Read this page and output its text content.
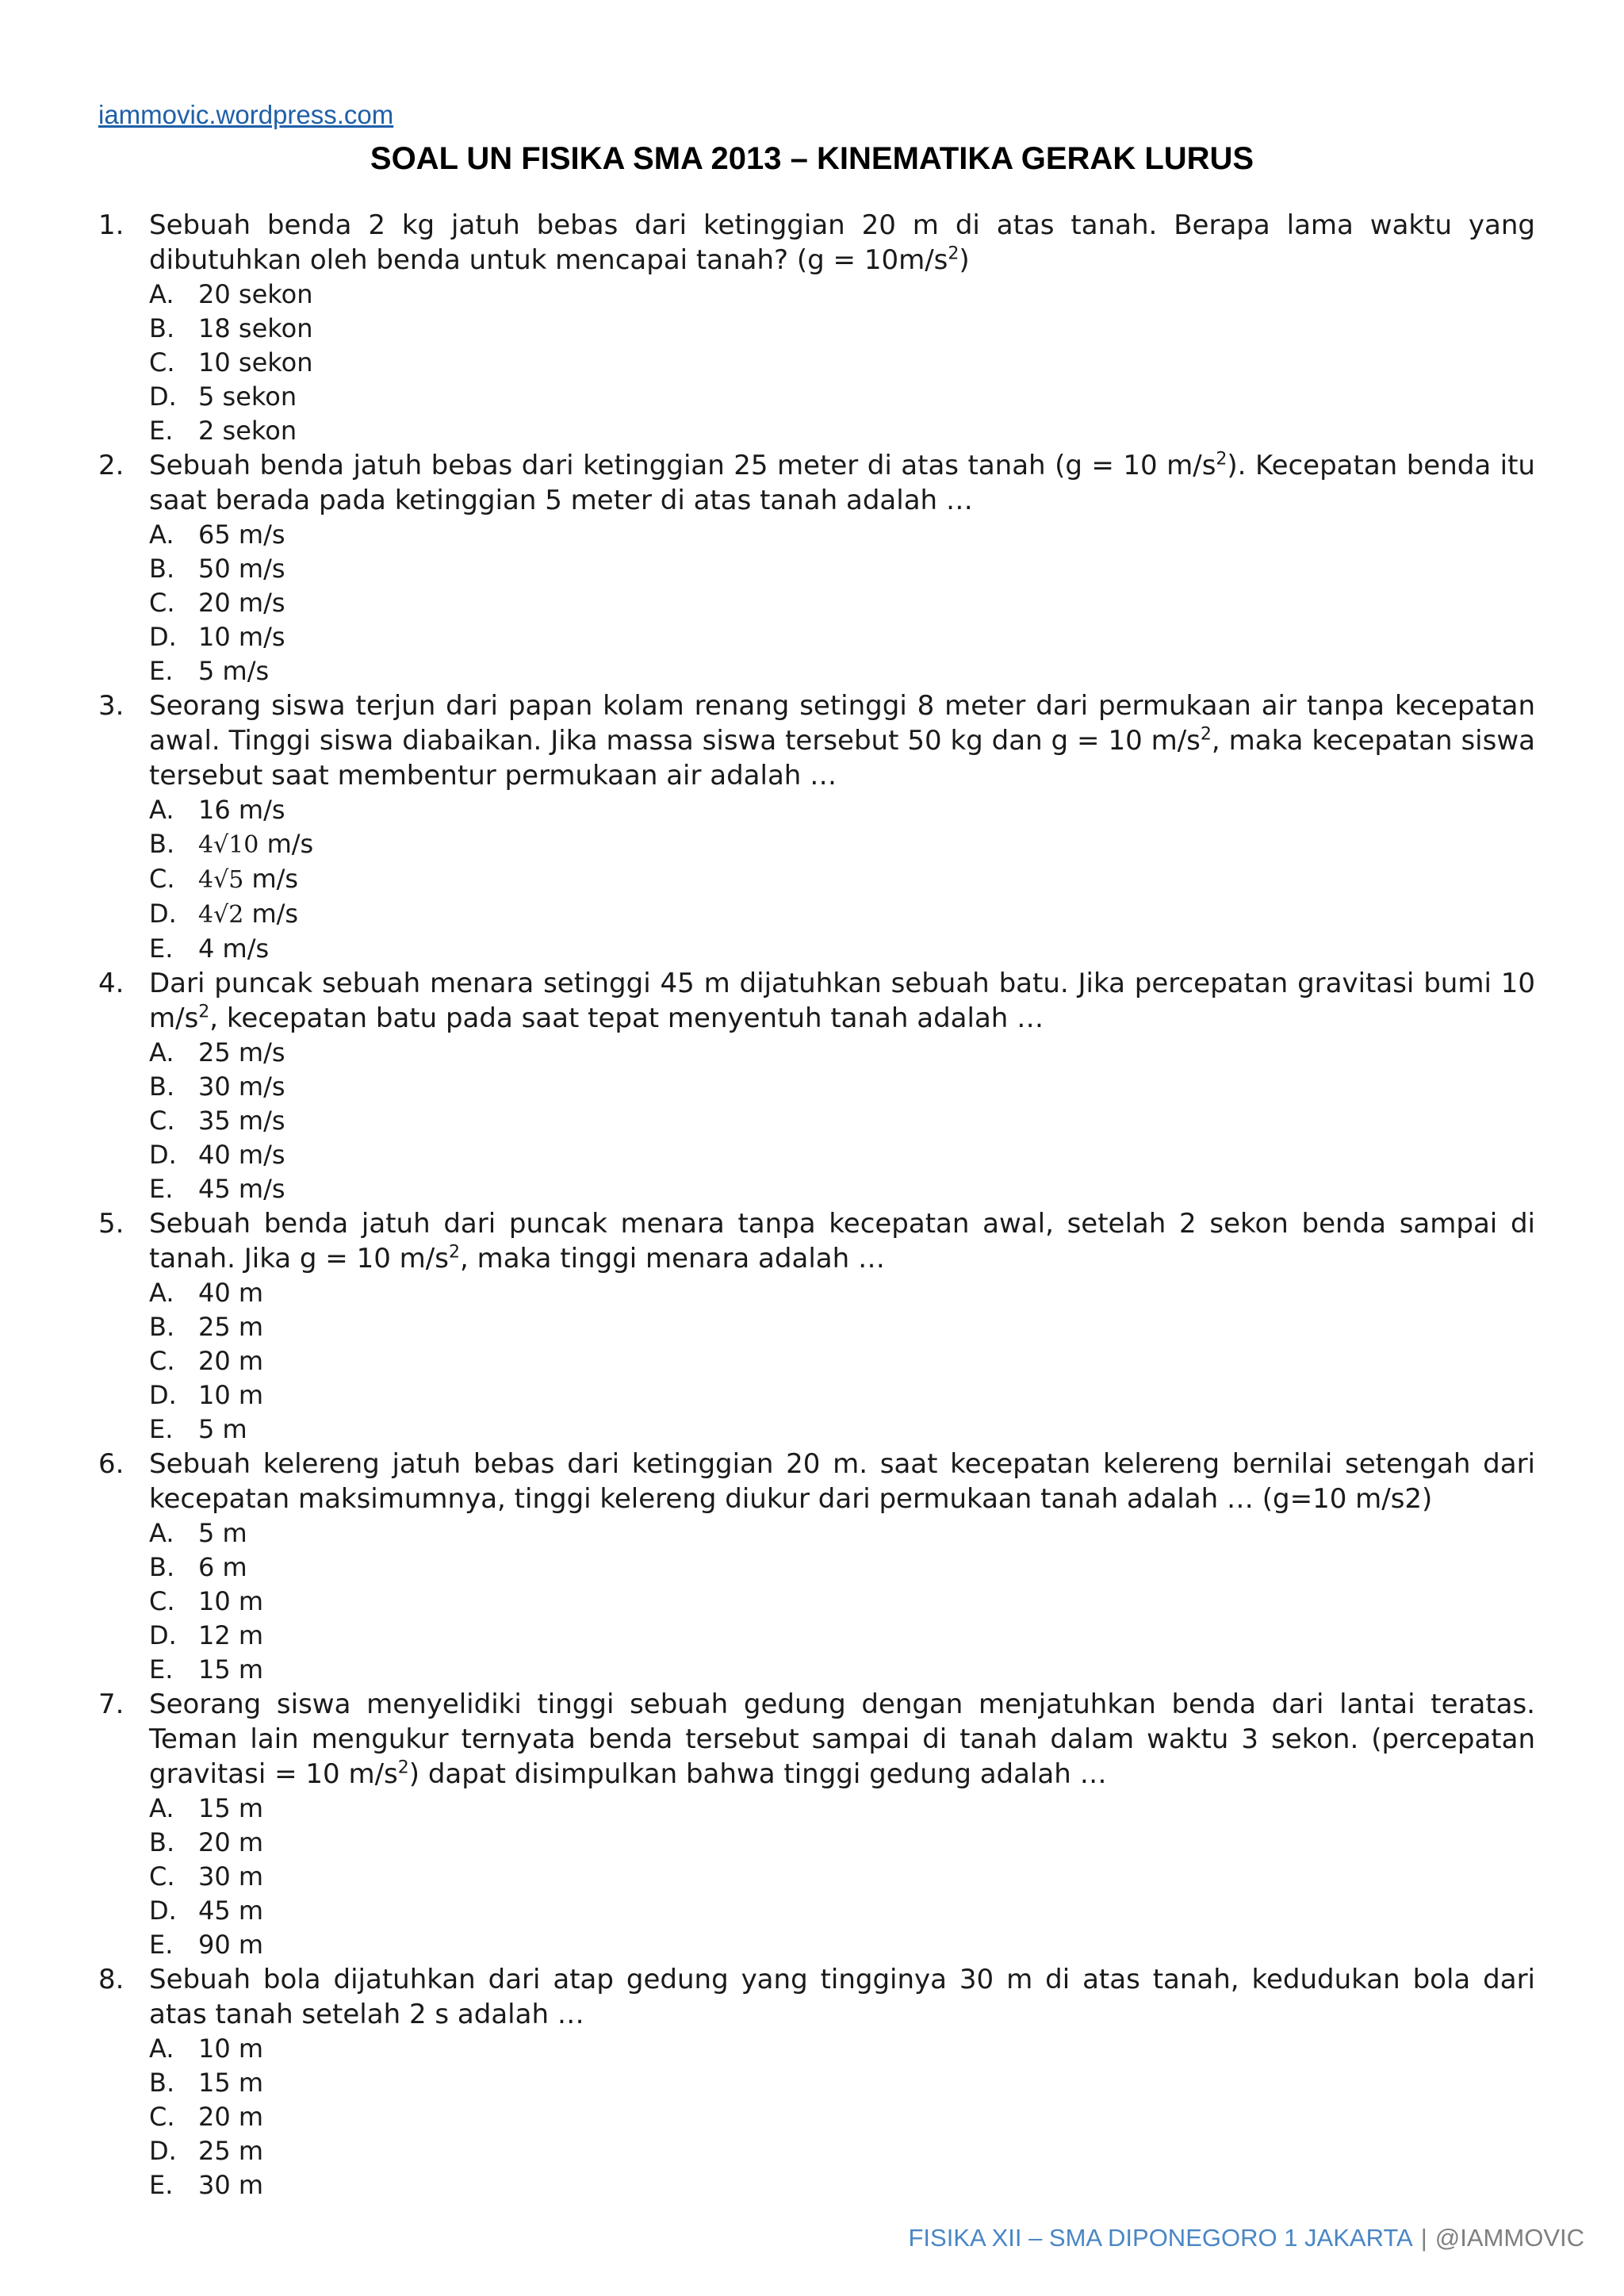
iammovic.wordpress.com
SOAL UN FISIKA SMA 2013 – KINEMATIKA GERAK LURUS
1. Sebuah benda 2 kg jatuh bebas dari ketinggian 20 m di atas tanah. Berapa lama waktu yang dibutuhkan oleh benda untuk mencapai tanah? $(g = 10m/s^2)$

A. 20 sekon
B. 18 sekon
C. 10 sekon
D. 5 sekon
E. 2 sekon
2. Sebuah benda jatuh bebas dari ketinggian 25 meter di atas tanah (g = 10 $m/s^2$). Kecepatan benda itu saat berada pada ketinggian 5 meter di atas tanah adalah …

A. 65 m/s
B. 50 m/s
C. 20 m/s
D. 10 m/s
E. 5 m/s
3. Seorang siswa terjun dari papan kolam renang setinggi 8 meter dari permukaan air tanpa kecepatan awal. Tinggi siswa diabaikan. Jika massa siswa tersebut 50 kg dan g = 10 $m/s^2$, maka kecepatan siswa tersebut saat membentur permukaan air adalah …

A. 16 m/s
B. 4√10 m/s
C. 4√5 m/s
D. 4√2 m/s
E. 4 m/s
4. Dari puncak sebuah menara setinggi 45 m dijatuhkan sebuah batu. Jika percepatan gravitasi bumi 10 $m/s^2$, kecepatan batu pada saat tepat menyentuh tanah adalah …

A. 25 m/s
B. 30 m/s
C. 35 m/s
D. 40 m/s
E. 45 m/s
5. Sebuah benda jatuh dari puncak menara tanpa kecepatan awal, setelah 2 sekon benda sampai di tanah. Jika g = 10 $m/s^2$, maka tinggi menara adalah …

A. 40 m
B. 25 m
C. 20 m
D. 10 m
E. 5 m
6. Sebuah kelereng jatuh bebas dari ketinggian 20 m. saat kecepatan kelereng bernilai setengah dari kecepatan maksimumnya, tinggi kelereng diukur dari permukaan tanah adalah … (g=10 m/s2)

A. 5 m
B. 6 m
C. 10 m
D. 12 m
E. 15 m
7. Seorang siswa menyelidiki tinggi sebuah gedung dengan menjatuhkan benda dari lantai teratas. Teman lain mengukur ternyata benda tersebut sampai di tanah dalam waktu 3 sekon. (percepatan gravitasi = 10 $m/s^2$) dapat disimpulkan bahwa tinggi gedung adalah …

A. 15 m
B. 20 m
C. 30 m
D. 45 m
E. 90 m
8. Sebuah bola dijatuhkan dari atap gedung yang tingginya 30 m di atas tanah, kedudukan bola dari atas tanah setelah 2 s adalah …

A. 10 m
B. 15 m
C. 20 m
D. 25 m
E. 30 m
FISIKA XII – SMA DIPONEGORO 1 JAKARTA | @IAMMOVIC
